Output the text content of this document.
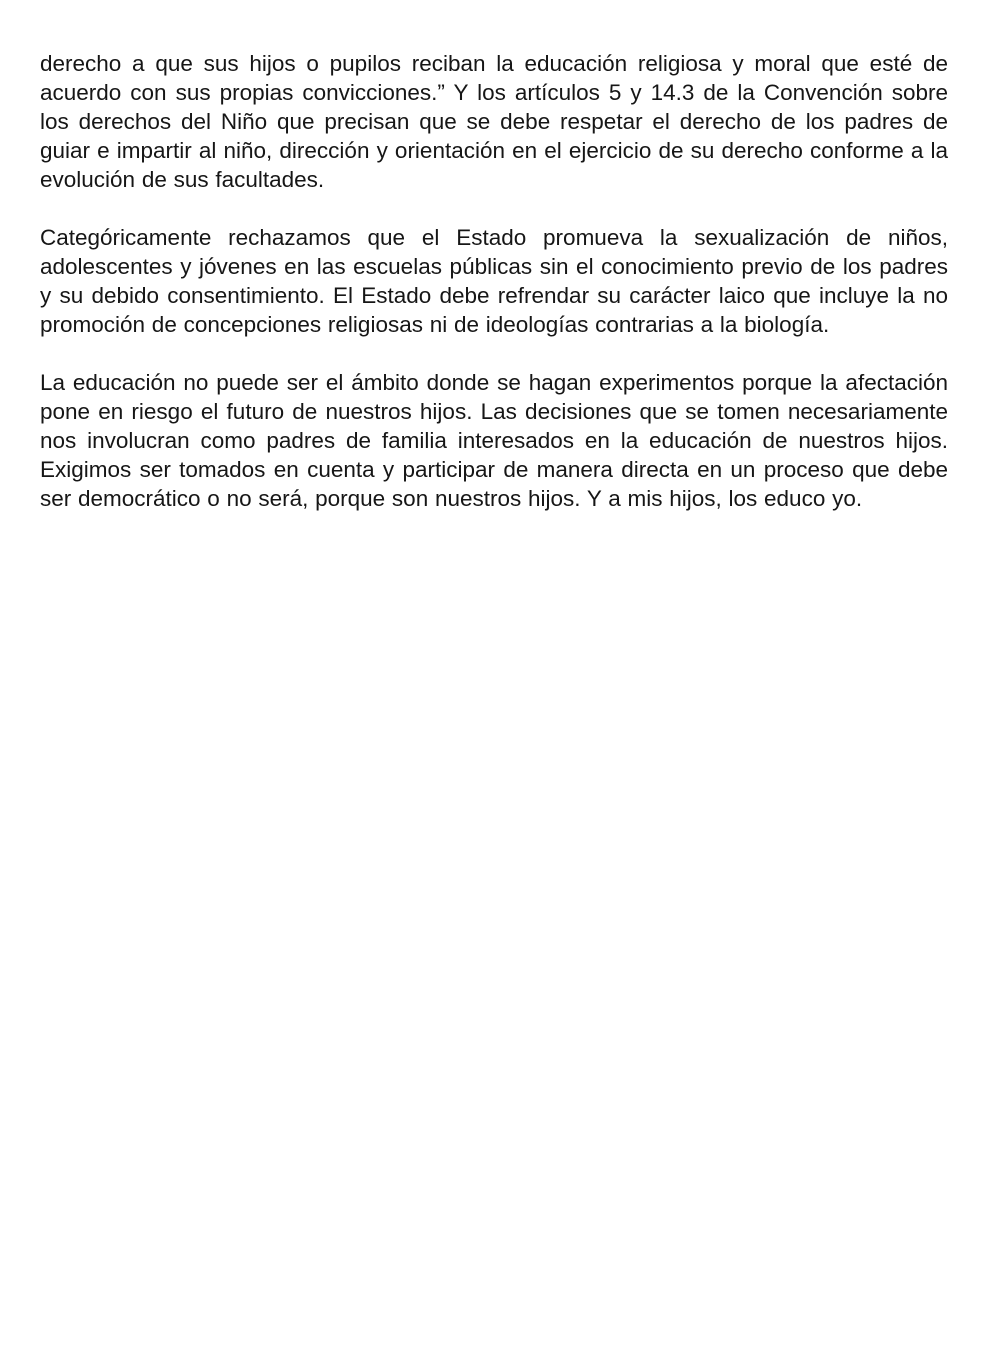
derecho a que sus hijos o pupilos reciban la educación religiosa y moral que esté de acuerdo con sus propias convicciones.” Y los artículos 5 y 14.3 de la Convención sobre los derechos del Niño que precisan que se debe respetar el derecho de los padres de guiar e impartir al niño, dirección y orientación en el ejercicio de su derecho conforme a la evolución de sus facultades.

Categóricamente rechazamos que el Estado promueva la sexualización de niños, adolescentes y jóvenes en las escuelas públicas sin el conocimiento previo de los padres y su debido consentimiento. El Estado debe refrendar su carácter laico que incluye la no promoción de concepciones religiosas ni de ideologías contrarias a la biología.

La educación no puede ser el ámbito donde se hagan experimentos porque la afectación pone en riesgo el futuro de nuestros hijos. Las decisiones que se tomen necesariamente nos involucran como padres de familia interesados en la educación de nuestros hijos. Exigimos ser tomados en cuenta y participar de manera directa en un proceso que debe ser democrático o no será, porque son nuestros hijos. Y a mis hijos, los educo yo.
